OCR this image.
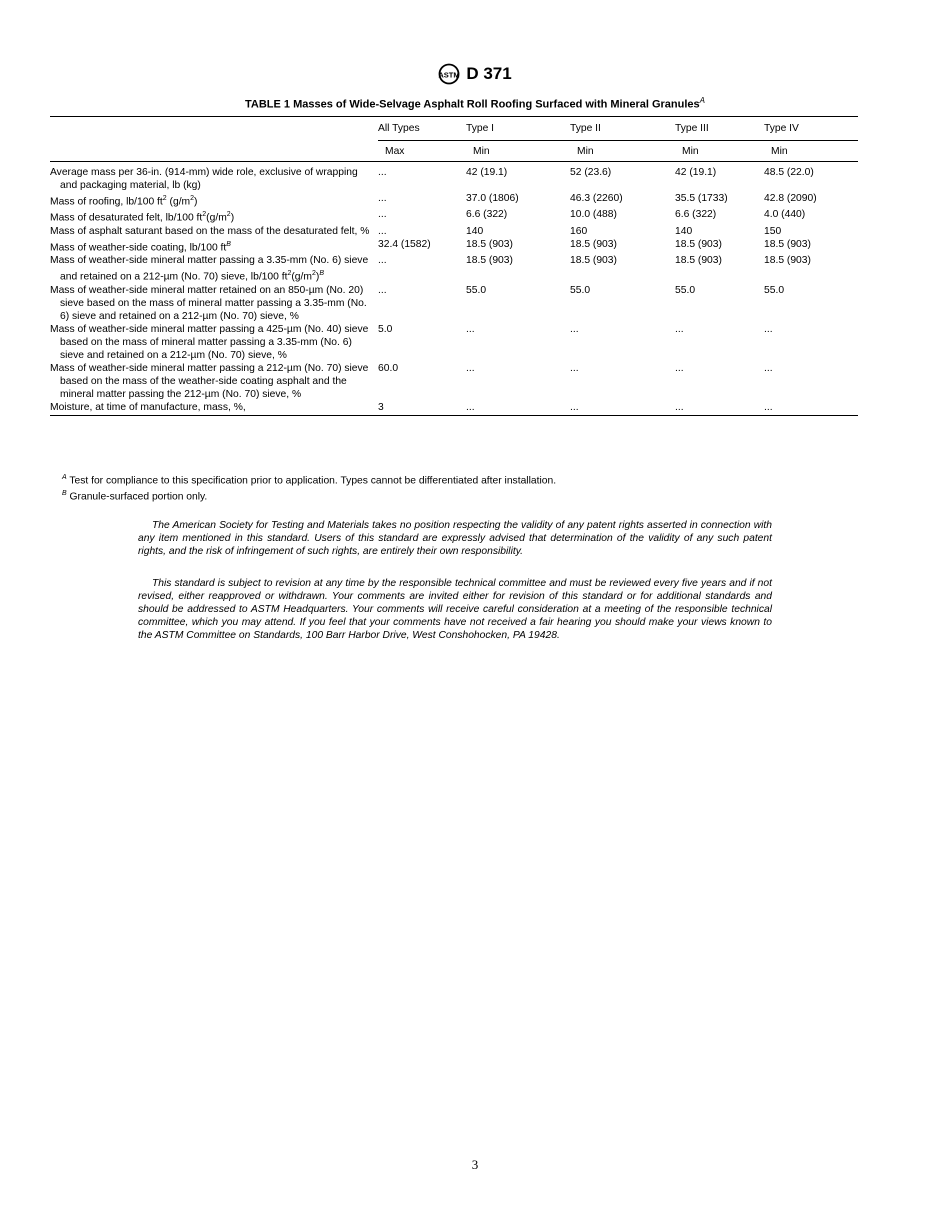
ASTM D 371
TABLE 1 Masses of Wide-Selvage Asphalt Roll Roofing Surfaced with Mineral Granules$^A$
	All Types	Type I	Type II	Type III	Type IV
	Max	Min	Min	Min	Min
Average mass per 36-in. (914-mm) wide role, exclusive of wrapping and packaging material, lb (kg)	...	42 (19.1)	52 (23.6)	42 (19.1)	48.5 (22.0)
Mass of roofing, lb/100 $ft^2$ $(g/m^2)$	...	37.0 (1806)	46.3 (2260)	35.5 (1733)	42.8 (2090)
Mass of desaturated felt, lb/100 $ft^2(g/m^2)$	...	6.6 (322)	10.0 (488)	6.6 (322)	4.0 (440)
Mass of asphalt saturant based on the mass of the desaturated felt, %	...	140	160	140	150
Mass of weather-side coating, lb/100 $ft^B$	32.4 (1582)	18.5 (903)	18.5 (903)	18.5 (903)	18.5 (903)
Mass of weather-side mineral matter passing a 3.35-mm (No. 6) sieve and retained on a 212-µm (No. 70) sieve, lb/100 $ft^2(g/m^2)^B$	...	18.5 (903)	18.5 (903)	18.5 (903)	18.5 (903)
Mass of weather-side mineral matter retained on an 850-µm (No. 20) sieve based on the mass of mineral matter passing a 3.35-mm (No. 6) sieve and retained on a 212-µm (No. 70) sieve, %	...	55.0	55.0	55.0	55.0
Mass of weather-side mineral matter passing a 425-µm (No. 40) sieve based on the mass of mineral matter passing a 3.35-mm (No. 6) sieve and retained on a 212-µm (No. 70) sieve, %	5.0	...	...	...	...
Mass of weather-side mineral matter passing a 212-µm (No. 70) sieve based on the mass of the weather-side coating asphalt and the mineral matter passing the 212-µm (No. 70) sieve, %	60.0	...	...	...	...
Moisture, at time of manufacture, mass, %,	3	...	...	...	...
$^A$ Test for compliance to this specification prior to application. Types cannot be differentiated after installation.
$^B$ Granule-surfaced portion only.
The American Society for Testing and Materials takes no position respecting the validity of any patent rights asserted in connection with any item mentioned in this standard. Users of this standard are expressly advised that determination of the validity of any such patent rights, and the risk of infringement of such rights, are entirely their own responsibility.
This standard is subject to revision at any time by the responsible technical committee and must be reviewed every five years and if not revised, either reapproved or withdrawn. Your comments are invited either for revision of this standard or for additional standards and should be addressed to ASTM Headquarters. Your comments will receive careful consideration at a meeting of the responsible technical committee, which you may attend. If you feel that your comments have not received a fair hearing you should make your views known to the ASTM Committee on Standards, 100 Barr Harbor Drive, West Conshohocken, PA 19428.
3
